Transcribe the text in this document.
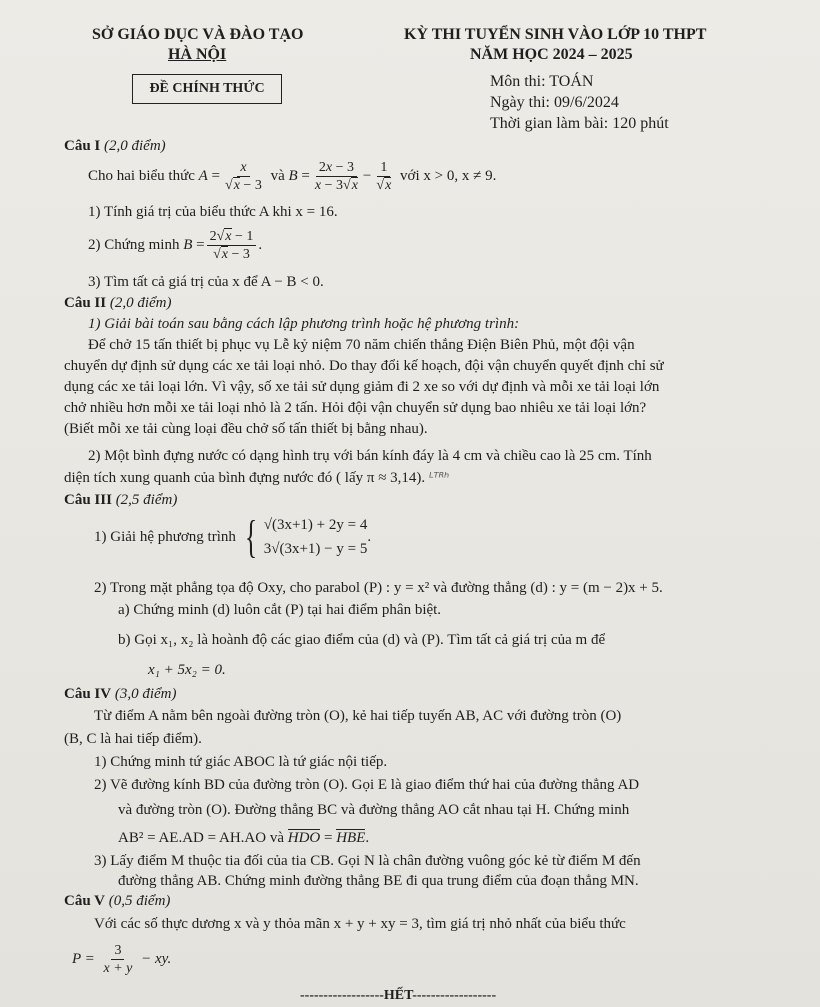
SỞ GIÁO DỤC VÀ ĐÀO TẠO
HÀ NỘI
ĐỀ CHÍNH THỨC
KỲ THI TUYỂN SINH VÀO LỚP 10 THPT
NĂM HỌC 2024 – 2025
Môn thi: TOÁN
Ngày thi: 09/6/2024
Thời gian làm bài: 120 phút
Câu I (2,0 điểm)
Cho hai biểu thức
$A = \frac{x}{√x - 3}$ và $B = \frac{2x - 3}{x - 3√x} - \frac{1}{√x}$
với x > 0, x ≠ 9.
1) Tính giá trị của biểu thức A khi x = 16.
2) Chứng minh
$B = \frac{2√x - 1}{√x - 3}$ .
3) Tìm tất cả giá trị của x để A − B < 0.
Câu II (2,0 điểm)
1) Giải bài toán sau bằng cách lập phương trình hoặc hệ phương trình:
Để chở 15 tấn thiết bị phục vụ Lễ kỷ niệm 70 năm chiến thắng Điện Biên Phủ, một đội vận
chuyển dự định sử dụng các xe tải loại nhỏ. Do thay đổi kế hoạch, đội vận chuyển quyết định chỉ sử
dụng các xe tải loại lớn. Vì vậy, số xe tải sử dụng giảm đi 2 xe so với dự định và mỗi xe tải loại lớn
chở nhiều hơn mỗi xe tải loại nhỏ là 2 tấn. Hỏi đội vận chuyển sử dụng bao nhiêu xe tải loại lớn?
(Biết mỗi xe tải cùng loại đều chở số tấn thiết bị bằng nhau).
2) Một bình đựng nước có dạng hình trụ với bán kính đáy là 4 cm và chiều cao là 25 cm. Tính
diện tích xung quanh của bình đựng nước đó ( lấy π ≈ 3,14). ᴸᵀᴿʰ
Câu III (2,5 điểm)
1) Giải hệ phương trình
{ √(3x+1) + 2y = 4
3√(3x+1) − y = 5
.
2) Trong mặt phẳng tọa độ Oxy, cho parabol (P) : y = x² và đường thẳng (d) : y = (m − 2)x + 5.
a) Chứng minh (d) luôn cắt (P) tại hai điểm phân biệt.
b) Gọi x₁, x₂ là hoành độ các giao điểm của (d) và (P). Tìm tất cả giá trị của m để
x₁ + 5x₂ = 0.
Câu IV (3,0 điểm)
Từ điểm A nằm bên ngoài đường tròn (O), kẻ hai tiếp tuyến AB, AC với đường tròn (O)
(B, C là hai tiếp điểm).
1) Chứng minh tứ giác ABOC là tứ giác nội tiếp.
2) Vẽ đường kính BD của đường tròn (O). Gọi E là giao điểm thứ hai của đường thẳng AD
và đường tròn (O). Đường thẳng BC và đường thẳng AO cắt nhau tại H. Chứng minh
AB² = AE.AD = AH.AO và HDO = HBE.
3) Lấy điểm M thuộc tia đối của tia CB. Gọi N là chân đường vuông góc kẻ từ điểm M đến
đường thẳng AB. Chứng minh đường thẳng BE đi qua trung điểm của đoạn thẳng MN.
Câu V (0,5 điểm)
Với các số thực dương x và y thỏa mãn x + y + xy = 3, tìm giá trị nhỏ nhất của biểu thức
P =
$\frac{3}{x + y}$
− xy.
------------------HẾT------------------
